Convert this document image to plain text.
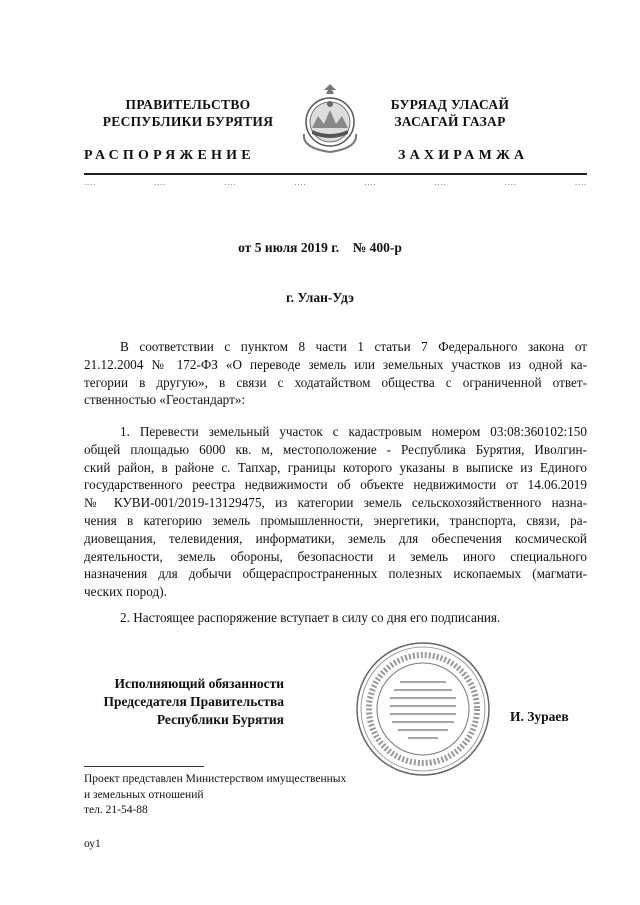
ПРАВИТЕЛЬСТВО
РЕСПУБЛИКИ БУРЯТИЯ
БУРЯАД УЛАСАЙ
ЗАСАГАЙ ГАЗАР
РАСПОРЯЖЕНИЕ	ЗАХИРАМЖА
....	....	....	....	....	....	....	....
от 5 июля 2019 г. № 400-р
г. Улан-Удэ
В соответствии с пунктом 8 части 1 статьи 7 Федерального закона от
21.12.2004 № 172-ФЗ «О переводе земель или земельных участков из одной ка-
тегории в другую», в связи с ходатайством общества с ограниченной ответ-
ственностью «Геостандарт»:
1. Перевести земельный участок с кадастровым номером 03:08:360102:150
общей площадью 6000 кв. м, местоположение - Республика Бурятия, Иволгин-
ский район, в районе с. Тапхар, границы которого указаны в выписке из Единого
государственного реестра недвижимости об объекте недвижимости от 14.06.2019
№ КУВИ-001/2019-13129475, из категории земель сельскохозяйственного назна-
чения в категорию земель промышленности, энергетики, транспорта, связи, ра-
диовещания, телевидения, информатики, земель для обеспечения космической
деятельности, земель обороны, безопасности и земель иного специального
назначения для добычи общераспространенных полезных ископаемых (магмати-
ческих пород).
2. Настоящее распоряжение вступает в силу со дня его подписания.
Исполняющий обязанности
Председателя Правительства
Республики Бурятия	И. Зураев
Проект представлен Министерством имущественных
и земельных отношений
тел. 21-54-88
оу1
